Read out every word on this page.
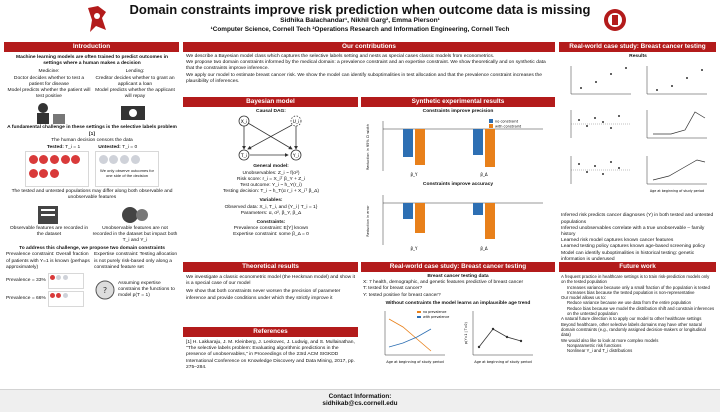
Domain constraints improve risk prediction when outcome data is missing
Sidhika Balachandar¹, Nikhil Garg², Emma Pierson¹
¹Computer Science, Cornell Tech ²Operations Research and Information Engineering, Cornell Tech
Introduction
Machine learning models are often trained to predict outcomes in settings where a human makes a decision
Medicine:
Doctor decides whether to test a patient for disease
Model predicts whether the patient will test positive
Lending:
Creditor decides whether to grant an applicant a loan
Model predicts whether the applicant will repay
A fundamental challenge in these settings is the selective labels problem [1]
The human decision censors the data
Tested: T_i = 1	Untested: T_i = 0
We only observe outcomes for one side of the decision
The tested and untested populations may differ along both observable and unobservable features
Observable features are recorded in the dataset
Unobservable features are not recorded in the dataset but impact both T_i and Y_i
To address this challenge, we propose two domain constraints
Prevalence constraint: Overall fraction of patients with Y=1 is known (perhaps approximately)
Expertise constraint: Testing allocation is not purely risk-based only along a constrained feature set
Prevalence = 33%
Prevalence = 66%
?
Assuming expertise constrains the functions to model p(T = 1)
Our contributions
We describe a Bayesian model class which captures the selective labels setting and nests as special cases classic models from econometrics.
We propose two domain constraints informed by the medical domain: a prevalence constraint and an expertise constraint. We show theoretically and on synthetic data that the constraints improve inference.
We apply our model to estimate breast cancer risk. We show the model can identify suboptimalities in test allocation and that the prevalence constraint increases the plausibility of inferences.
Bayesian model
Causal DAG:
X_i	U_i
T_i	Y_i
General model:
Unobservables: Z_i ~ f(σ²)
Risk score: r_i = X_iᵀ β_Y + Z_i
Test outcome: Y_i ~ h_Y(r_i)
Testing decision: T_i ~ h_T(α r_i + X_iᵀ β_Δ)
Variables:
Observed data: X_i, T_i, and {Y_i | T_i = 1}
Parameters: α, σ², β_Y, β_Δ
Constraints:
Prevalence constraint: E[Y] known
Expertise constraint: some β_Δ = 0
Synthetic experimental results
Constraints improve precision
Reduction in 95% CI width
no constraint
with constraint
β_Y	β_Δ
Constraints improve accuracy
Reduction in error
β_Y	β_Δ
Theoretical results
We investigate a classic econometric model (the Heckman model) and show it is a special case of our model
We show that both constraints never worsen the precision of parameter inference and provide conditions under which they strictly improve it
References
[1] H. Lakkaraju, J. M. Kleinberg, J. Leskovec, J. Ludwig, and S. Mullainathan, "The selective labels problem: Evaluating algorithmic predictions in the presence of unobservables," in Proceedings of the 23rd ACM SIGKDD International Conference on Knowledge Discovery and Data Mining, 2017, pp. 275–284.
Real-world case study: Breast cancer testing
Breast cancer testing data
X: 7 health, demographic, and genetic features predictive of breast cancer
T: tested for breast cancer?
Y: tested positive for breast cancer?
Without constraints the model learns an implausible age trend
no prevalence
with prevalence
Age at beginning of study period
p(Y=1 | T=0)
Age at beginning of study period
Real-world case study: Breast cancer testing
Results
Age at beginning of study period
Inferred risk predicts cancer diagnoses (Y) in both tested and untested populations
Inferred unobservables correlate with a true unobservable – family history
Learned risk model captures known cancer features
Learned testing policy captures known age-based screening policy
Model can identify suboptimalities in historical testing: genetic information is underused
Future work
A frequent practice in healthcare settings is to train risk-prediction models only on the tested population
Increases variance because only a small fraction of the population is tested
Increases bias because the tested population is non-representative
Our model allows us to:
Reduce variance because we use data from the entire population
Reduce bias because we model the distribution shift and constrain inferences on the untested population
A natural future direction is to apply our model to other healthcare settings
Beyond healthcare, other selective labels domains may have other natural domain constraints (e.g., randomly assigned decision-makers or longitudinal data)
We would also like to look at more complex models
Nonparametric risk functions
Nonlinear Y_i and T_i distributions
Contact Information:
sidhikab@cs.cornell.edu
